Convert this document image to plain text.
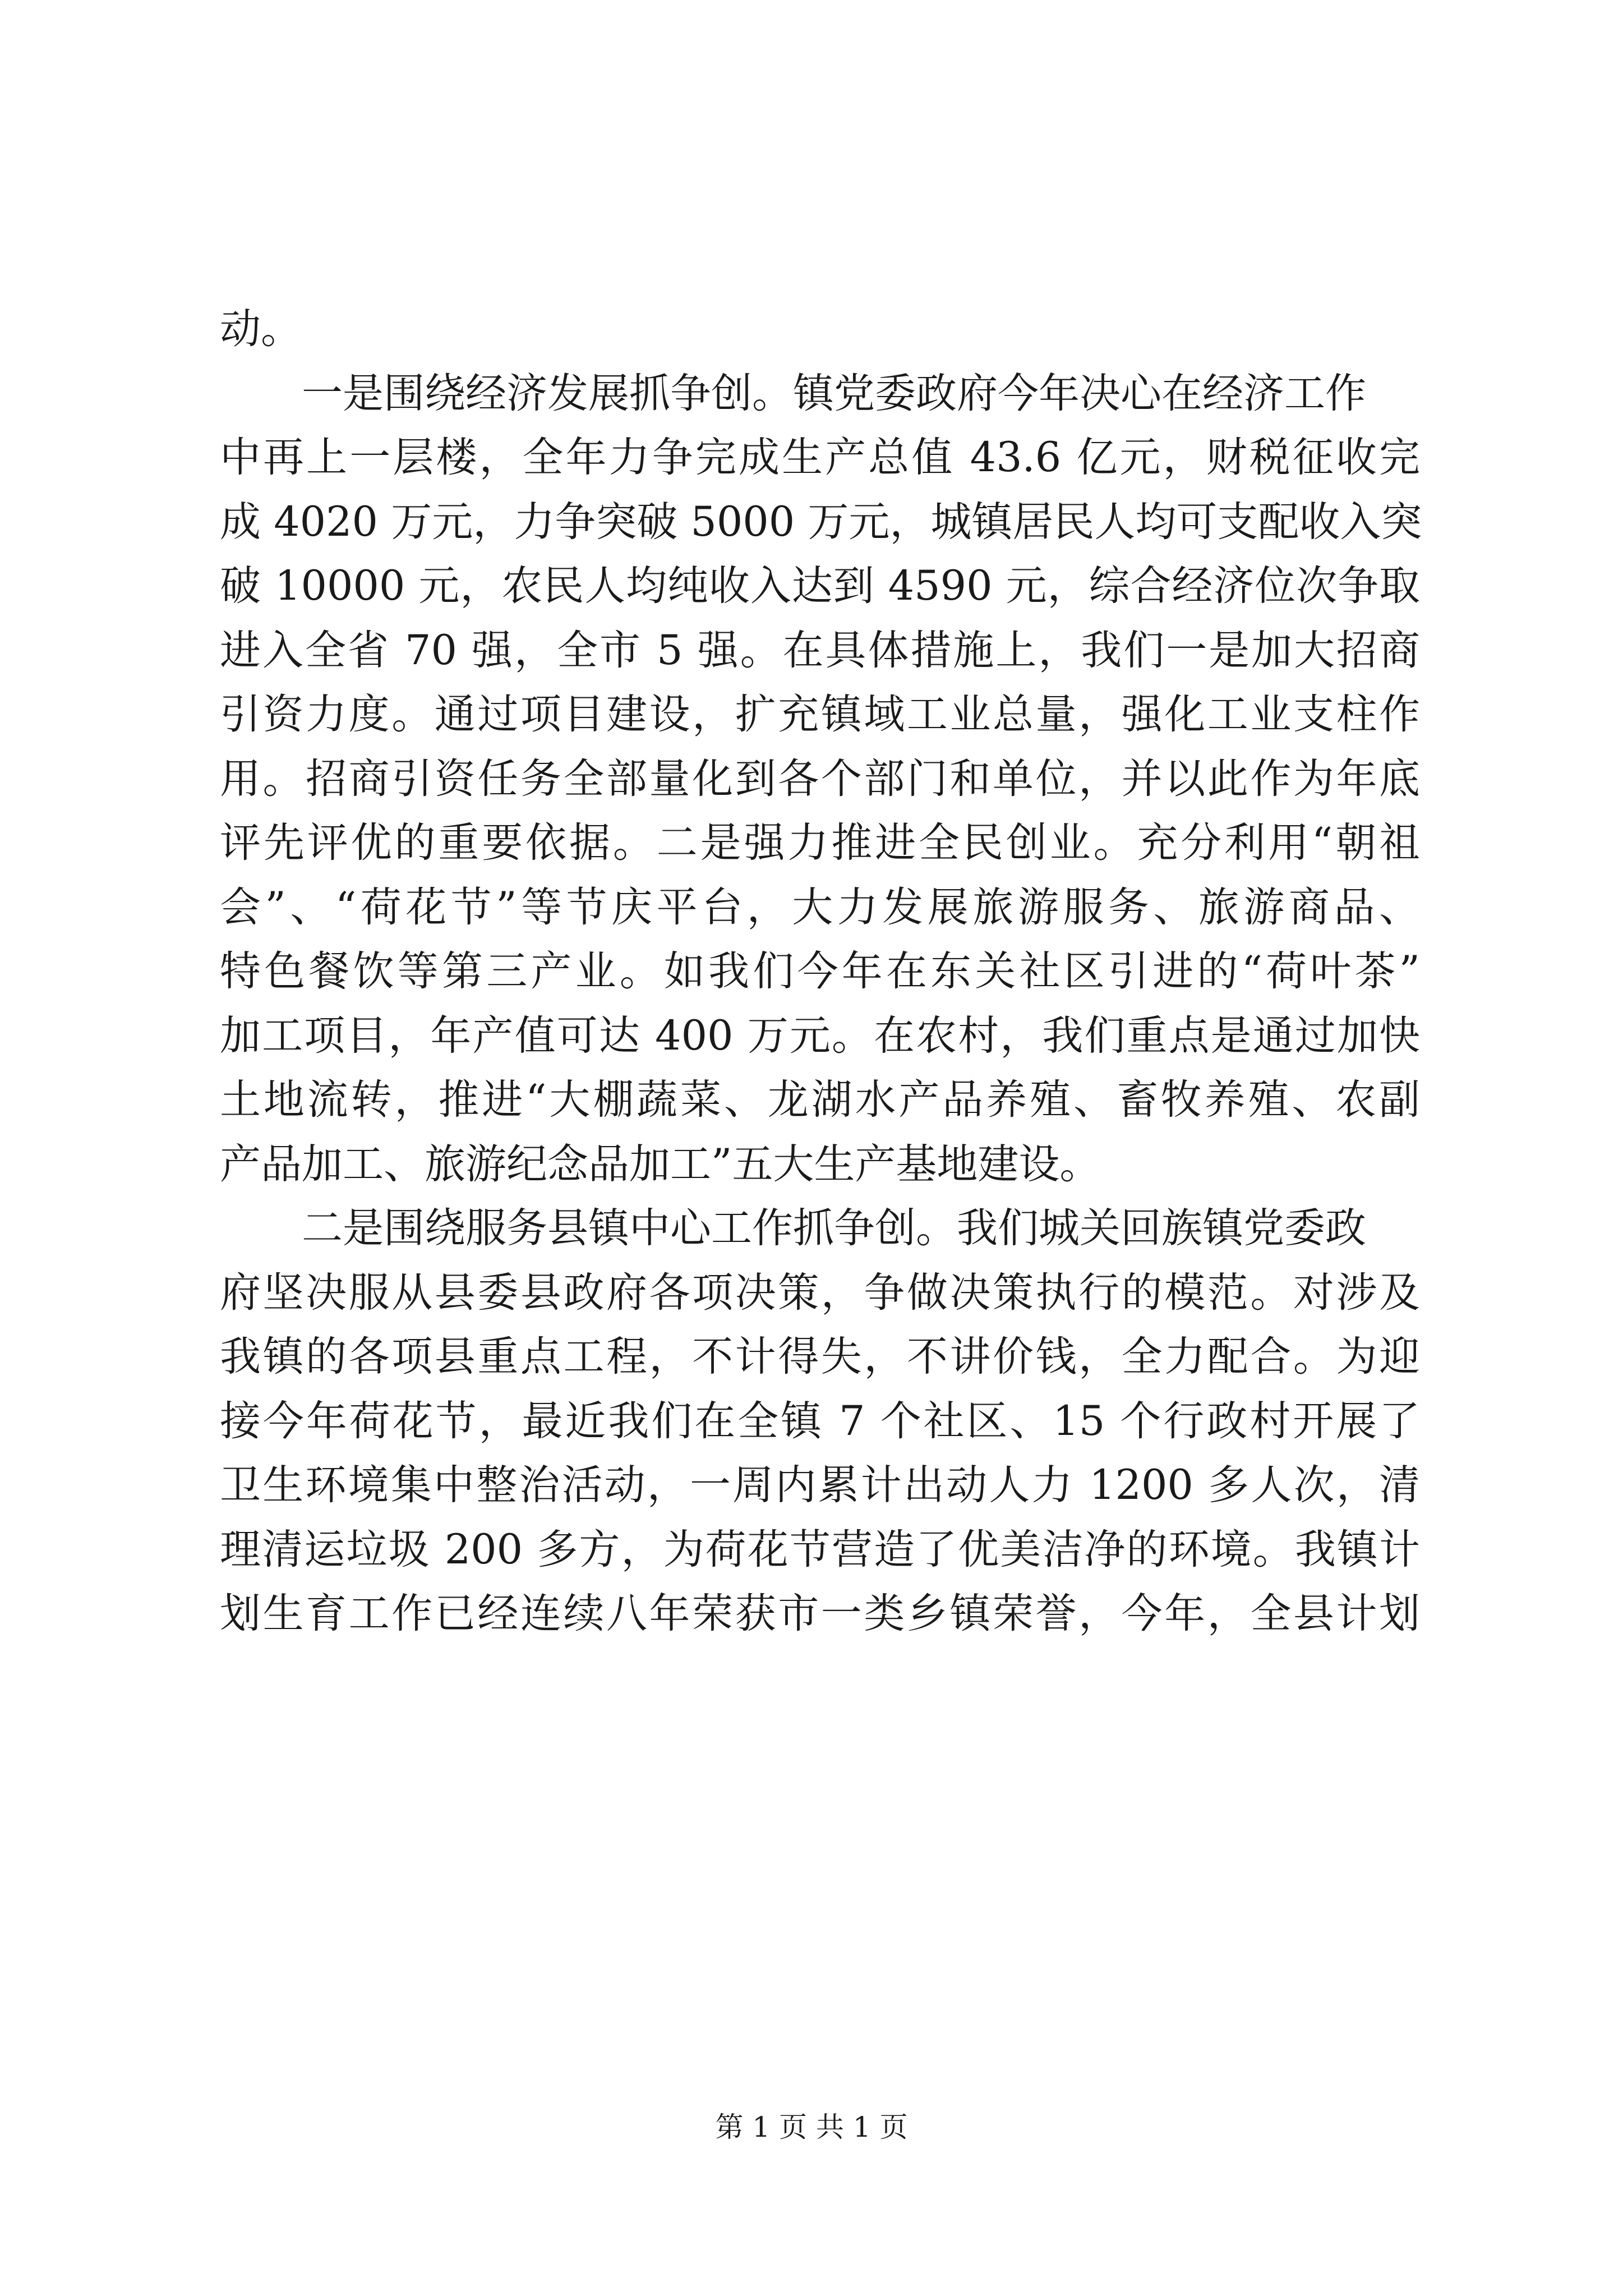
动。
一是围绕经济发展抓争创。镇党委政府今年决心在经济工作
中再上一层楼，全年力争完成生产总值 43.6 亿元，财税征收完
成 4020 万元，力争突破 5000 万元，城镇居民人均可支配收入突
破 10000 元，农民人均纯收入达到 4590 元，综合经济位次争取
进入全省 70 强，全市 5 强。在具体措施上，我们一是加大招商
引资力度。通过项目建设，扩充镇域工业总量，强化工业支柱作
用。招商引资任务全部量化到各个部门和单位，并以此作为年底
评先评优的重要依据。二是强力推进全民创业。充分利用“朝祖
会”、“荷花节”等节庆平台，大力发展旅游服务、旅游商品、
特色餐饮等第三产业。如我们今年在东关社区引进的“荷叶茶”
加工项目，年产值可达 400 万元。在农村，我们重点是通过加快
土地流转，推进“大棚蔬菜、龙湖水产品养殖、畜牧养殖、农副
产品加工、旅游纪念品加工”五大生产基地建设。
二是围绕服务县镇中心工作抓争创。我们城关回族镇党委政
府坚决服从县委县政府各项决策，争做决策执行的模范。对涉及
我镇的各项县重点工程，不计得失，不讲价钱，全力配合。为迎
接今年荷花节，最近我们在全镇 7 个社区、15 个行政村开展了
卫生环境集中整治活动，一周内累计出动人力 1200 多人次，清
理清运垃圾 200 多方，为荷花节营造了优美洁净的环境。我镇计
划生育工作已经连续八年荣获市一类乡镇荣誉，今年，全县计划
第 1 页 共 1 页
